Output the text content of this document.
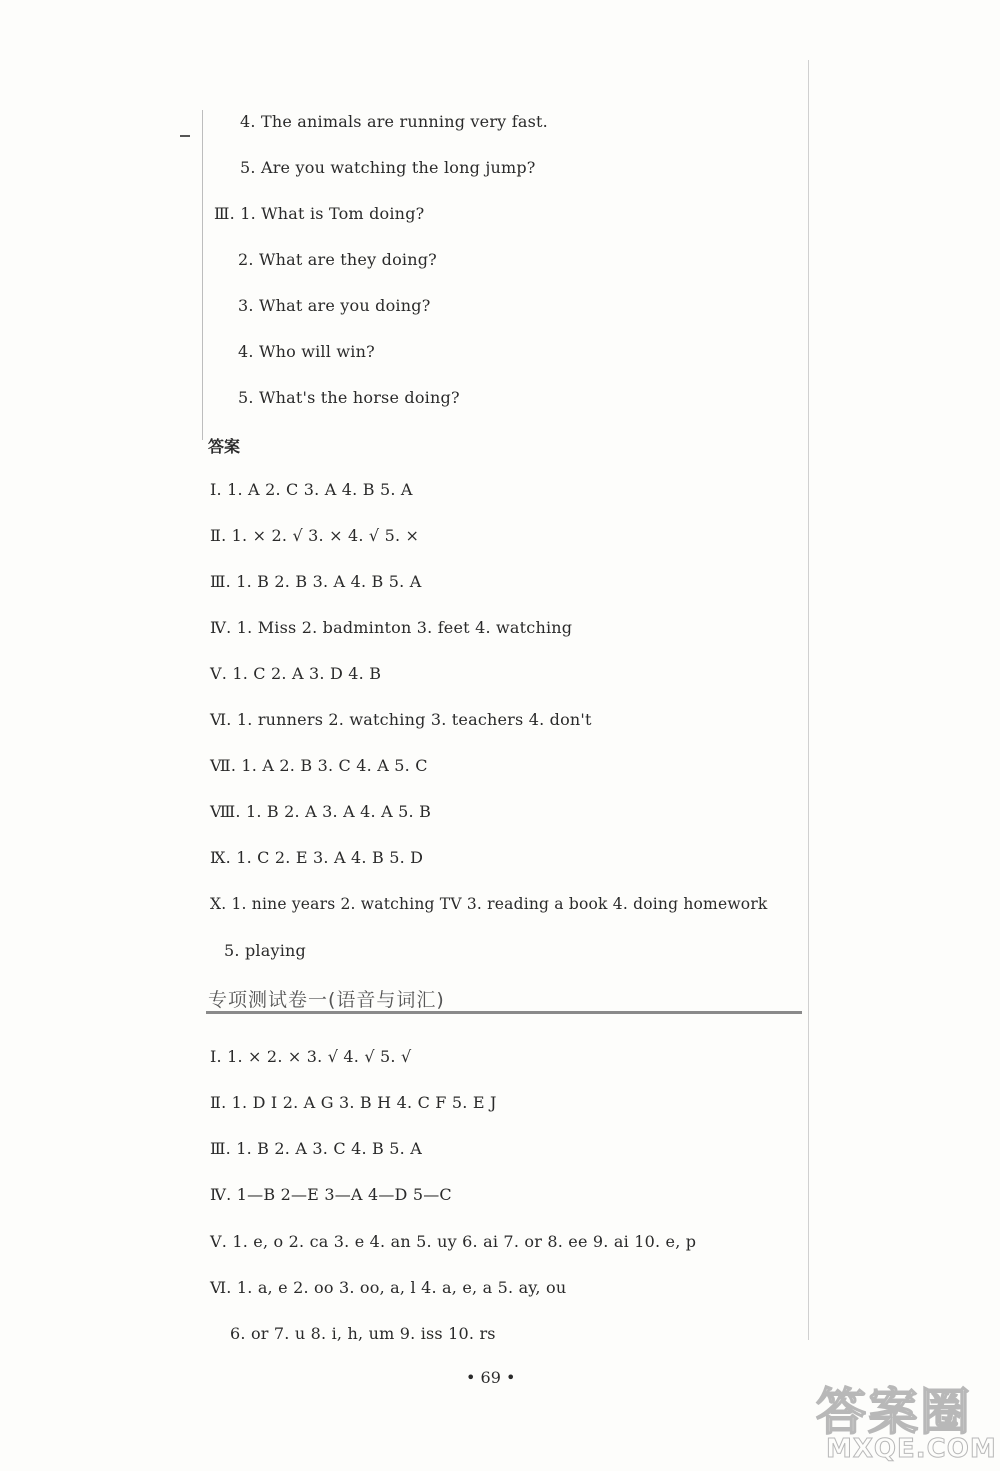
4. The animals are running very fast.
5. Are you watching the long jump?
Ⅲ. 1. What is Tom doing?
2. What are they doing?
3. What are you doing?
4. Who will win?
5. What's the horse doing?
答案
Ⅰ. 1. A 2. C 3. A 4. B 5. A
Ⅱ. 1. × 2. √ 3. × 4. √ 5. ×
Ⅲ. 1. B 2. B 3. A 4. B 5. A
Ⅳ. 1. Miss 2. badminton 3. feet 4. watching
Ⅴ. 1. C 2. A 3. D 4. B
Ⅵ. 1. runners 2. watching 3. teachers 4. don't
Ⅶ. 1. A 2. B 3. C 4. A 5. C
Ⅷ. 1. B 2. A 3. A 4. A 5. B
Ⅸ. 1. C 2. E 3. A 4. B 5. D
Ⅹ. 1. nine years 2. watching TV 3. reading a book 4. doing homework
5. playing
专项测试卷一(语音与词汇)
Ⅰ. 1. × 2. × 3. √ 4. √ 5. √
Ⅱ. 1. D I 2. A G 3. B H 4. C F 5. E J
Ⅲ. 1. B 2. A 3. C 4. B 5. A
Ⅳ. 1—B 2—E 3—A 4—D 5—C
Ⅴ. 1. e, o 2. ca 3. e 4. an 5. uy 6. ai 7. or 8. ee 9. ai 10. e, p
Ⅵ. 1. a, e 2. oo 3. oo, a, l 4. a, e, a 5. ay, ou
6. or 7. u 8. i, h, um 9. iss 10. rs
• 69 •
答案圈
MXQE.COM
